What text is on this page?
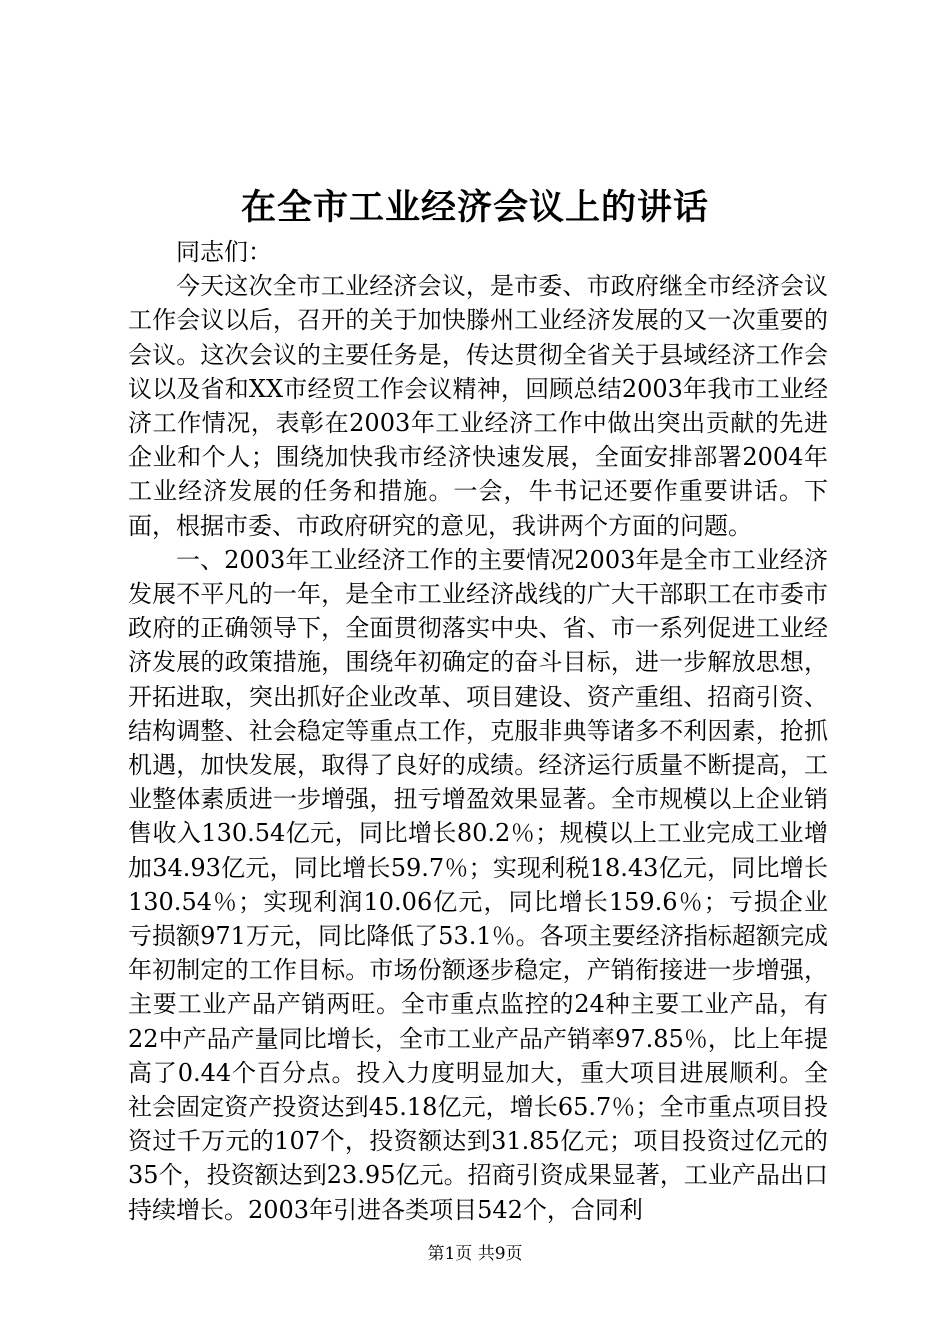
在全市工业经济会议上的讲话

同志们：

今天这次全市工业经济会议，是市委、市政府继全市经济会议工作会议以后，召开的关于加快滕州工业经济发展的又一次重要的会议。这次会议的主要任务是，传达贯彻全省关于县域经济工作会议以及省和XX市经贸工作会议精神，回顾总结2003年我市工业经济工作情况，表彰在2003年工业经济工作中做出突出贡献的先进企业和个人；围绕加快我市经济快速发展，全面安排部署2004年工业经济发展的任务和措施。一会，牛书记还要作重要讲话。下面，根据市委、市政府研究的意见，我讲两个方面的问题。

一、2003年工业经济工作的主要情况2003年是全市工业经济发展不平凡的一年，是全市工业经济战线的广大干部职工在市委市政府的正确领导下，全面贯彻落实中央、省、市一系列促进工业经济发展的政策措施，围绕年初确定的奋斗目标，进一步解放思想，开拓进取，突出抓好企业改革、项目建设、资产重组、招商引资、结构调整、社会稳定等重点工作，克服非典等诸多不利因素，抢抓机遇，加快发展，取得了良好的成绩。经济运行质量不断提高，工业整体素质进一步增强，扭亏增盈效果显著。全市规模以上企业销售收入130.54亿元，同比增长80.2％；规模以上工业完成工业增加34.93亿元，同比增长59.7％；实现利税18.43亿元，同比增长130.54％；实现利润10.06亿元，同比增长159.6％；亏损企业亏损额971万元，同比降低了53.1％。各项主要经济指标超额完成年初制定的工作目标。市场份额逐步稳定，产销衔接进一步增强，主要工业产品产销两旺。全市重点监控的24种主要工业产品，有22中产品产量同比增长，全市工业产品产销率97.85％，比上年提高了0.44个百分点。投入力度明显加大，重大项目进展顺利。全社会固定资产投资达到45.18亿元，增长65.7％；全市重点项目投资过千万元的107个，投资额达到31.85亿元；项目投资过亿元的35个，投资额达到23.95亿元。招商引资成果显著，工业产品出口持续增长。2003年引进各类项目542个，合同利

第1页 共9页
